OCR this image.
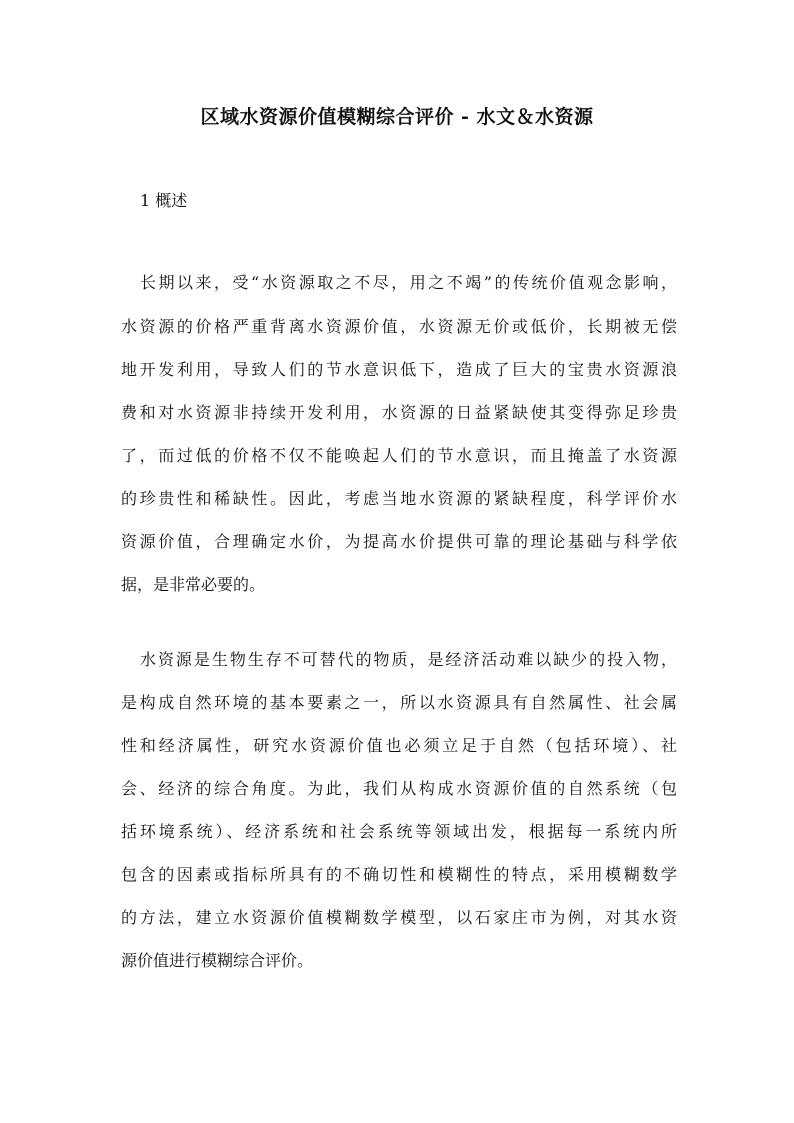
区域水资源价值模糊综合评价 - 水文＆水资源
1 概述
长期以来，受“水资源取之不尽，用之不竭”的传统价值观念影响，
水资源的价格严重背离水资源价值，水资源无价或低价，长期被无偿
地开发利用，导致人们的节水意识低下，造成了巨大的宝贵水资源浪
费和对水资源非持续开发利用，水资源的日益紧缺使其变得弥足珍贵
了，而过低的价格不仅不能唤起人们的节水意识，而且掩盖了水资源
的珍贵性和稀缺性。因此，考虑当地水资源的紧缺程度，科学评价水
资源价值，合理确定水价，为提高水价提供可靠的理论基础与科学依
据，是非常必要的。
水资源是生物生存不可替代的物质，是经济活动难以缺少的投入物，
是构成自然环境的基本要素之一，所以水资源具有自然属性、社会属
性和经济属性，研究水资源价值也必须立足于自然（包括环境）、社
会、经济的综合角度。为此，我们从构成水资源价值的自然系统（包
括环境系统）、经济系统和社会系统等领域出发，根据每一系统内所
包含的因素或指标所具有的不确切性和模糊性的特点，采用模糊数学
的方法，建立水资源价值模糊数学模型，以石家庄市为例，对其水资
源价值进行模糊综合评价。
